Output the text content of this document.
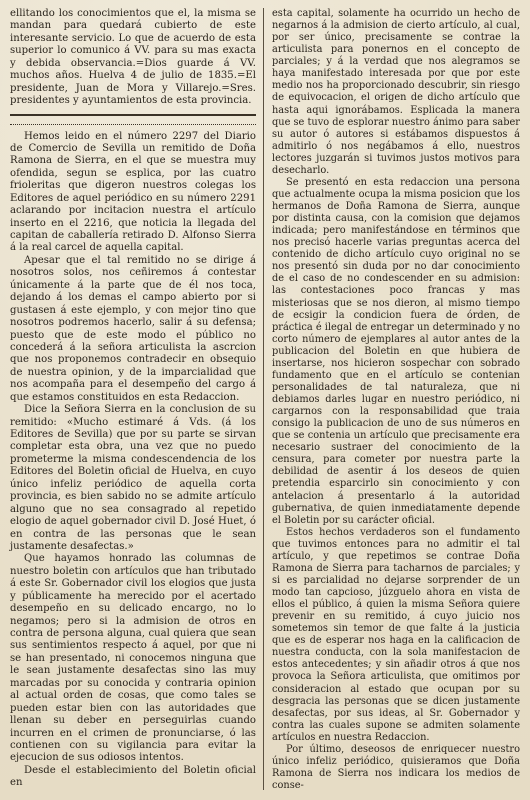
ellitando los conocimientos que el, la misma se mandan para quedará cubierto de este interesante servicio. Lo que de acuerdo de esta superior lo comunico á VV. para su mas exacta y debida observancia.=Dios guarde á VV. muchos años. Huelva 4 de julio de 1835.=El presidente, Juan de Mora y Villarejo.=Sres. presidentes y ayuntamientos de esta provincia.

Hemos leido en el número 2297 del Diario de Comercio de Sevilla un remitido de Doña Ramona de Sierra, en el que se muestra muy ofendida, segun se esplica, por las cuatro frioleritas que digeron nuestros colegas los Editores de aquel periódico en su número 2291 aclarando por incitacion nuestra el artículo inserto en el 2216, que noticia la llegada del capitan de caballería retirado D. Alfonso Sierra á la real carcel de aquella capital.

Apesar que el tal remitido no se dirige á nosotros solos, nos ceñiremos á contestar únicamente á la parte que de él nos toca, dejando á los demas el campo abierto por si gustasen á este ejemplo, y con mejor tino que nosotros podremos hacerlo, salir á su defensa; puesto que de este modo el público no concederá á la señora articulista la ascrcion que nos proponemos contradecir en obsequio de nuestra opinion, y de la imparcialidad que nos acompaña para el desempeño del cargo á que estamos constituidos en esta Redaccion.

Dice la Señora Sierra en la conclusion de su remitido: «Mucho estimaré á Vds. (á los Editores de Sevilla) que por su parte se sirvan completar esta obra, una vez que no puedo prometerme la misma condescendencia de los Editores del Boletin oficial de Huelva, en cuyo único infeliz periódico de aquella corta provincia, es bien sabido no se admite artículo alguno que no sea consagrado al repetido elogio de aquel gobernador civil D. José Huet, ó en contra de las personas que le sean justamente desafectas.»

Que hayamos honrado las columnas de nuestro boletin con artículos que han tributado á este Sr. Gobernador civil los elogios que justa y públicamente ha merecido por el acertado desempeño en su delicado encargo, no lo negamos; pero si la admision de otros en contra de persona alguna, cual quiera que sean sus sentimientos respecto á aquel, por que ni se han presentado, ni conocemos ninguna que le sean justamente desafectas sino las muy marcadas por su conocida y contraria opinion al actual orden de cosas, que como tales se pueden estar bien con las autoridades que llenan su deber en perseguirlas cuando incurren en el crimen de pronunciarse, ó las contienen con su vigilancia para evitar la ejecucion de sus odiosos intentos.

Desde el establecimiento del Boletin oficial en

esta capital, solamente ha ocurrido un hecho de negarnos á la admision de cierto artículo, al cual, por ser único, precisamente se contrae la articulista para ponernos en el concepto de parciales; y á la verdad que nos alegramos se haya manifestado interesada por que por este medio nos ha proporcionado descubrir, sin riesgo de equivocacion, el origen de dicho artículo que hasta aqui ignorábamos. Esplicada la manera que se tuvo de esplorar nuestro ánimo para saber su autor ó autores si estábamos dispuestos á admitirlo ó nos negábamos á ello, nuestros lectores juzgarán si tuvimos justos motivos para desecharlo.

Se presentó en esta redaccion una persona que actualmente ocupa la misma posicion que los hermanos de Doña Ramona de Sierra, aunque por distinta causa, con la comision que dejamos indicada; pero manifestándose en términos que nos precisó hacerle varias preguntas acerca del contenido de dicho artículo cuyo original no se nos presentó sin duda por no dar conocimiento de el caso de no condescender en su admision: las contestaciones poco francas y mas misteriosas que se nos dieron, al mismo tiempo de ecsigir la condicion fuera de órden, de práctica é ilegal de entregar un determinado y no corto número de ejemplares al autor antes de la publicacion del Boletin en que hubiera de insertarse, nos hicieron sospechar con sobrado fundamento que en el artículo se contenian personalidades de tal naturaleza, que ni debiamos darles lugar en nuestro periódico, ni cargarnos con la responsabilidad que traia consigo la publicacion de uno de sus números en que se contenia un artículo que precisamente era necesario sustraer del conocimiento de la censura, para cometer por nuestra parte la debilidad de asentir á los deseos de quien pretendia esparcirlo sin conocimiento y con antelacion á presentarlo á la autoridad gubernativa, de quien inmediatamente depende el Boletin por su carácter oficial.

Estos hechos verdaderos son el fundamento que tuvimos entonces para no admitir el tal artículo, y que repetimos se contrae Doña Ramona de Sierra para tacharnos de parciales; y si es parcialidad no dejarse sorprender de un modo tan capcioso, júzguelo ahora en vista de ellos el público, á quien la misma Señora quiere prevenir en su remitido, á cuyo juicio nos sometemos sin temor de que falte á la justicia que es de esperar nos haga en la calificacion de nuestra conducta, con la sola manifestacion de estos antecedentes; y sin añadir otros á que nos provoca la Señora articulista, que omitimos por consideracion al estado que ocupan por su desgracia las personas que se dicen justamente desafectas, por sus ideas, al Sr. Gobernador y contra las cuales supone se admiten solamente artículos en nuestra Redaccion.

Por último, deseosos de enriquecer nuestro único infeliz periódico, quisieramos que Doña Ramona de Sierra nos indicara los medios de conse-
